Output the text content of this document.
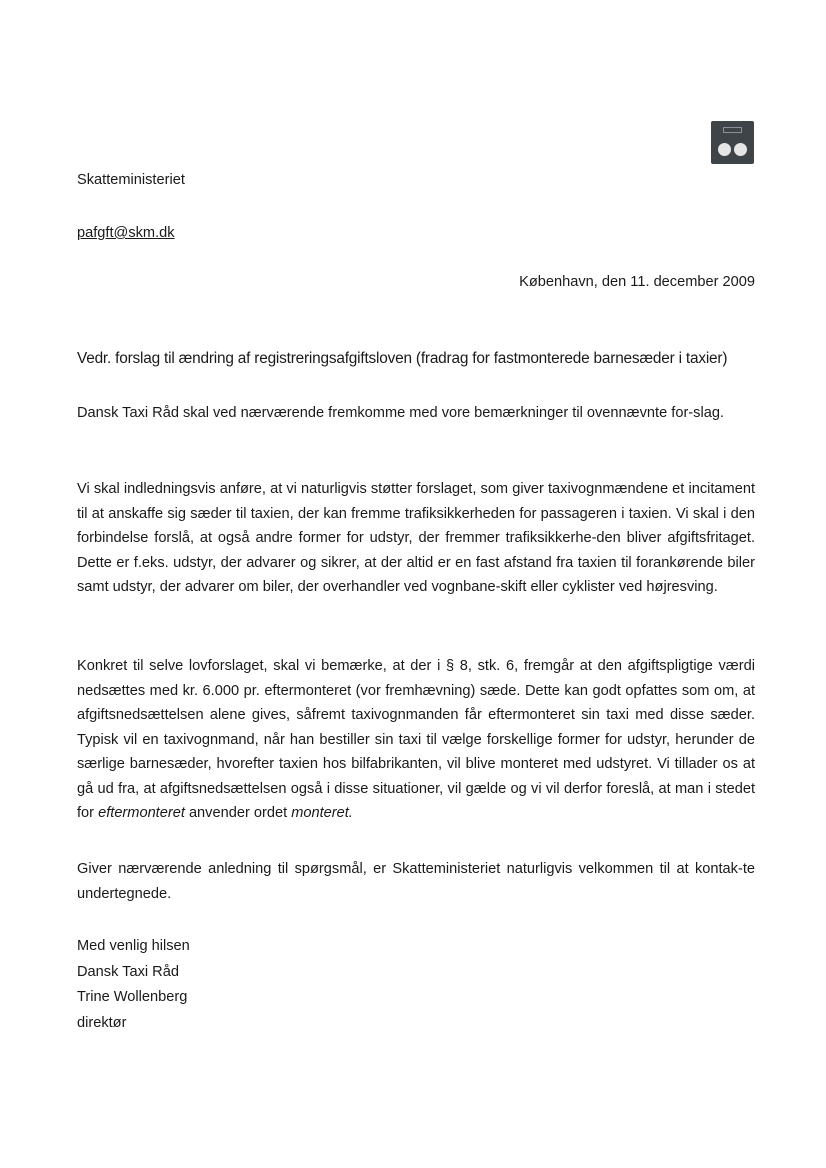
Skatteministeriet
pafgft@skm.dk
København, den 11. december 2009
Vedr. forslag til ændring af registreringsafgiftsloven (fradrag for fastmonterede barnesæder i taxier)

Dansk Taxi Råd skal ved nærværende fremkomme med vore bemærkninger til ovennævnte for-slag.

Vi skal indledningsvis anføre, at vi naturligvis støtter forslaget, som giver taxivognmændene et incitament til at anskaffe sig sæder til taxien, der kan fremme trafiksikkerheden for passageren i taxien. Vi skal i den forbindelse forslå, at også andre former for udstyr, der fremmer trafiksikkerhe-den bliver afgiftsfritaget. Dette er f.eks. udstyr, der advarer og sikrer, at der altid er en fast afstand fra taxien til forankørende biler samt udstyr, der advarer om biler, der overhandler ved vognbane-skift eller cyklister ved højresving.

Konkret til selve lovforslaget, skal vi bemærke, at der i § 8, stk. 6, fremgår at den afgiftspligtige værdi nedsættes med kr. 6.000 pr. eftermonteret (vor fremhævning) sæde. Dette kan godt opfattes som om, at afgiftsnedsættelsen alene gives, såfremt taxivognmanden får eftermonteret sin taxi med disse sæder. Typisk vil en taxivognmand, når han bestiller sin taxi til vælge forskellige former for udstyr, herunder de særlige barnesæder, hvorefter taxien hos bilfabrikanten, vil blive monteret med udstyret. Vi tillader os at gå ud fra, at afgiftsnedsættelsen også i disse situationer, vil gælde og vi vil derfor foreslå, at man i stedet for eftermonteret anvender ordet monteret.

Giver nærværende anledning til spørgsmål, er Skatteministeriet naturligvis velkommen til at kontak-te undertegnede.

Med venlig hilsen
Dansk Taxi Råd
Trine Wollenberg
direktør
